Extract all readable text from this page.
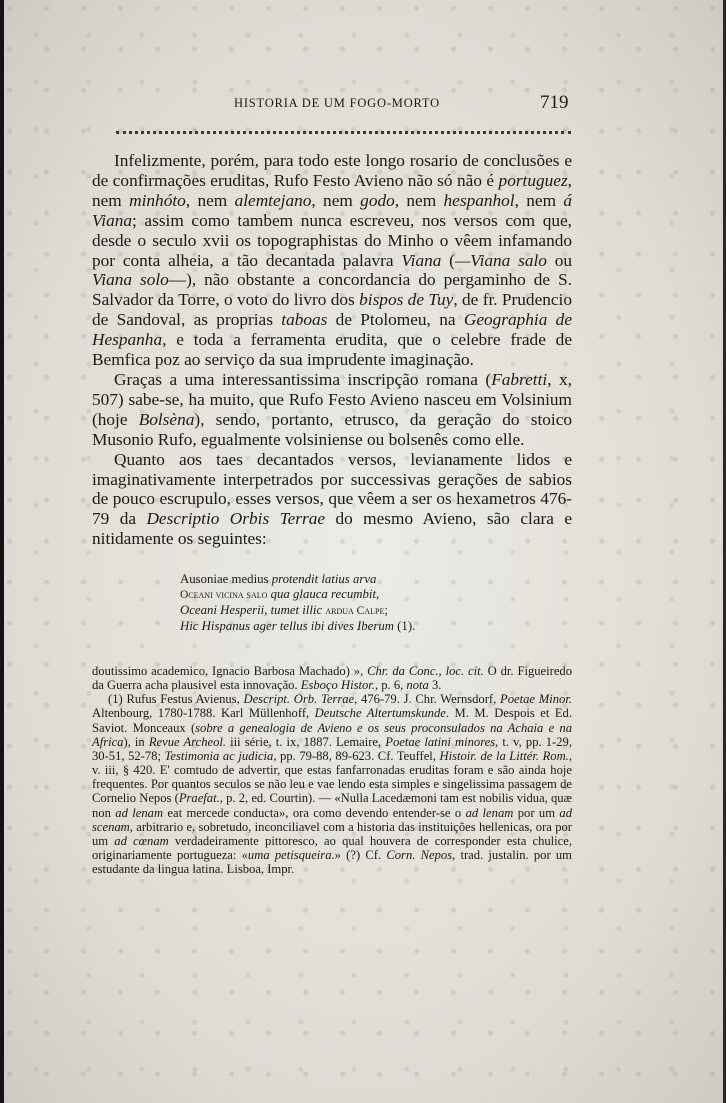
HISTORIA DE UM FOGO-MORTO	719

Infelizmente, porém, para todo este longo rosario de conclusões e de confirmações eruditas, Rufo Festo Avieno não só não é portuguez, nem minhóto, nem alemtejano, nem godo, nem hespanhol, nem á Viana; assim como tambem nunca escreveu, nos versos com que, desde o seculo xvii os topographistas do Minho o vêem infamando por conta alheia, a tão decantada palavra Viana (—Viana salo ou Viana solo—), não obstante a concordancia do pergaminho de S. Salvador da Torre, o voto do livro dos bispos de Tuy, de fr. Prudencio de Sandoval, as proprias taboas de Ptolomeu, na Geographia de Hespanha, e toda a ferramenta erudita, que o celebre frade de Bemfica poz ao serviço da sua imprudente imaginação.

Graças a uma interessantissima inscripção romana (Fabretti, x, 507) sabe-se, ha muito, que Rufo Festo Avieno nasceu em Volsinium (hoje Bolsèna), sendo, portanto, etrusco, da geração do stoico Musonio Rufo, egualmente volsiniense ou bolsenês como elle.

Quanto aos taes decantados versos, levianamente lidos e imaginativamente interpetrados por successivas gerações de sabios de pouco escrupulo, esses versos, que vêem a ser os hexametros 476-79 da Descriptio Orbis Terrae do mesmo Avieno, são clara e nitidamente os seguintes:

Ausoniae medius protendit latius arva
Oceani vicina salo qua glauca recumbit,
Oceani Hesperii, tumet illic ardua Calpe;
Hic Hispanus ager tellus ibi dives Iberum (1).

doutissimo academico, Ignacio Barbosa Machado) », Chr. da Conc., loc. cit. O dr. Figueiredo da Guerra acha plausivel esta innovação. Esboço Histor., p. 6, nota 3.

(1) Rufus Festus Avienus, Descript. Orb. Terrae, 476-79. J. Chr. Wernsdorf, Poetae Minor. Altenbourg, 1780-1788. Karl Müllenhoff, Deutsche Altertumskunde. M. M. Despois et Ed. Saviot. Monceaux (sobre a genealogia de Avieno e os seus proconsulados na Achaia e na Africa), in Revue Archeol. iii série, t. ix, 1887. Lemaire, Poetae latini minores, t. v, pp. 1-29, 30-51, 52-78; Testimonia ac judicia, pp. 79-88, 89-623. Cf. Teuffel, Histoir. de la Littér. Rom., v. iii, § 420. E' comtudo de advertir, que estas fanfarronadas eruditas foram e são ainda hoje frequentes. Por quantos seculos se não leu e vae lendo esta simples e singelissima passagem de Cornelio Nepos (Praefat., p. 2, ed. Courtin). — «Nulla Lacedæmoni tam est nobilis vidua, quæ non ad lenam eat mercede conducta», ora como devendo entender-se o ad lenam por um ad scenam, arbitrario e, sobretudo, inconciliavel com a historia das instituições hellenicas, ora por um ad cœnam verdadeiramente pittoresco, ao qual houvera de corresponder esta chulice, originariamente portugueza: «uma petisqueira.» (?) Cf. Corn. Nepos, trad. justalin. por um estudante da lingua latina. Lisboa, Impr.
